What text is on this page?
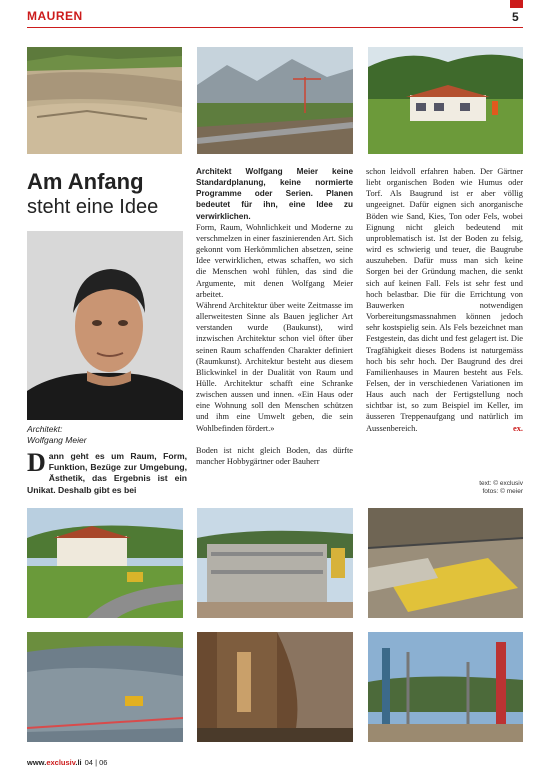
MAUREN	5
Am Anfang
steht eine Idee
Architekt:
Wolfgang Meier
D ann geht es um Raum, Form, Funktion, Bezüge zur Umgebung, Ästhetik, das Ergebnis ist ein Unikat. Deshalb gibt es bei

Architekt Wolfgang Meier keine Standardplanung, keine normierte Programme oder Serien. Planen bedeutet für ihn, eine Idee zu verwirklichen.

Form, Raum, Wohnlichkeit und Moderne zu verschmelzen in einer faszinierenden Art. Sich gekonnt vom Herkömmlichen absetzen, seine Idee verwirklichen, etwas schaffen, wo sich die Menschen wohl fühlen, das sind die Argumente, mit denen Wolfgang Meier arbeitet.

Während Architektur über weite Zeitmasse im allerweitesten Sinne als Bauen jeglicher Art verstanden wurde (Baukunst), wird inzwischen Architektur schon viel öfter über seinen Raum schaffenden Charakter definiert (Raumkunst). Architektur besteht aus diesem Blickwinkel in der Dualität von Raum und Hülle. Architektur schafft eine Schranke zwischen aussen und innen. «Ein Haus oder eine Wohnung soll den Menschen schützen und ihm eine Umwelt geben, die sein Wohlbefinden fördert.»

Boden ist nicht gleich Boden, das dürfte mancher Hobbygärtner oder Bauherr

schon leidvoll erfahren haben. Der Gärtner liebt organischen Boden wie Humus oder Torf. Als Baugrund ist er aber völlig ungeeignet. Dafür eignen sich anorganische Böden wie Sand, Kies, Ton oder Fels, wobei Eignung nicht gleich bedeutend mit unproblematisch ist. Ist der Boden zu felsig, wird es schwierig und teuer, die Baugrube auszuheben. Dafür muss man sich keine Sorgen bei der Gründung machen, die senkt sich auf keinen Fall. Fels ist sehr fest und hoch belastbar. Die für die Errichtung von Bauwerken notwendigen Vorbereitungsmassnahmen können jedoch sehr kostspielig sein. Als Fels bezeichnet man Festgestein, das dicht und fest gelagert ist. Die Tragfähigkeit dieses Bodens ist naturgemäss hoch bis sehr hoch. Der Baugrund des drei Familienhauses in Mauren besteht aus Fels. Felsen, der in verschiedenen Variationen im Haus auch nach der Fertigstellung noch sichtbar ist, so zum Beispiel im Keller, im äusseren Treppenaufgang und natürlich im Aussenbereich.	ex.

text: © exclusiv
fotos: © meier
www.exclusiv.li 04 | 06
